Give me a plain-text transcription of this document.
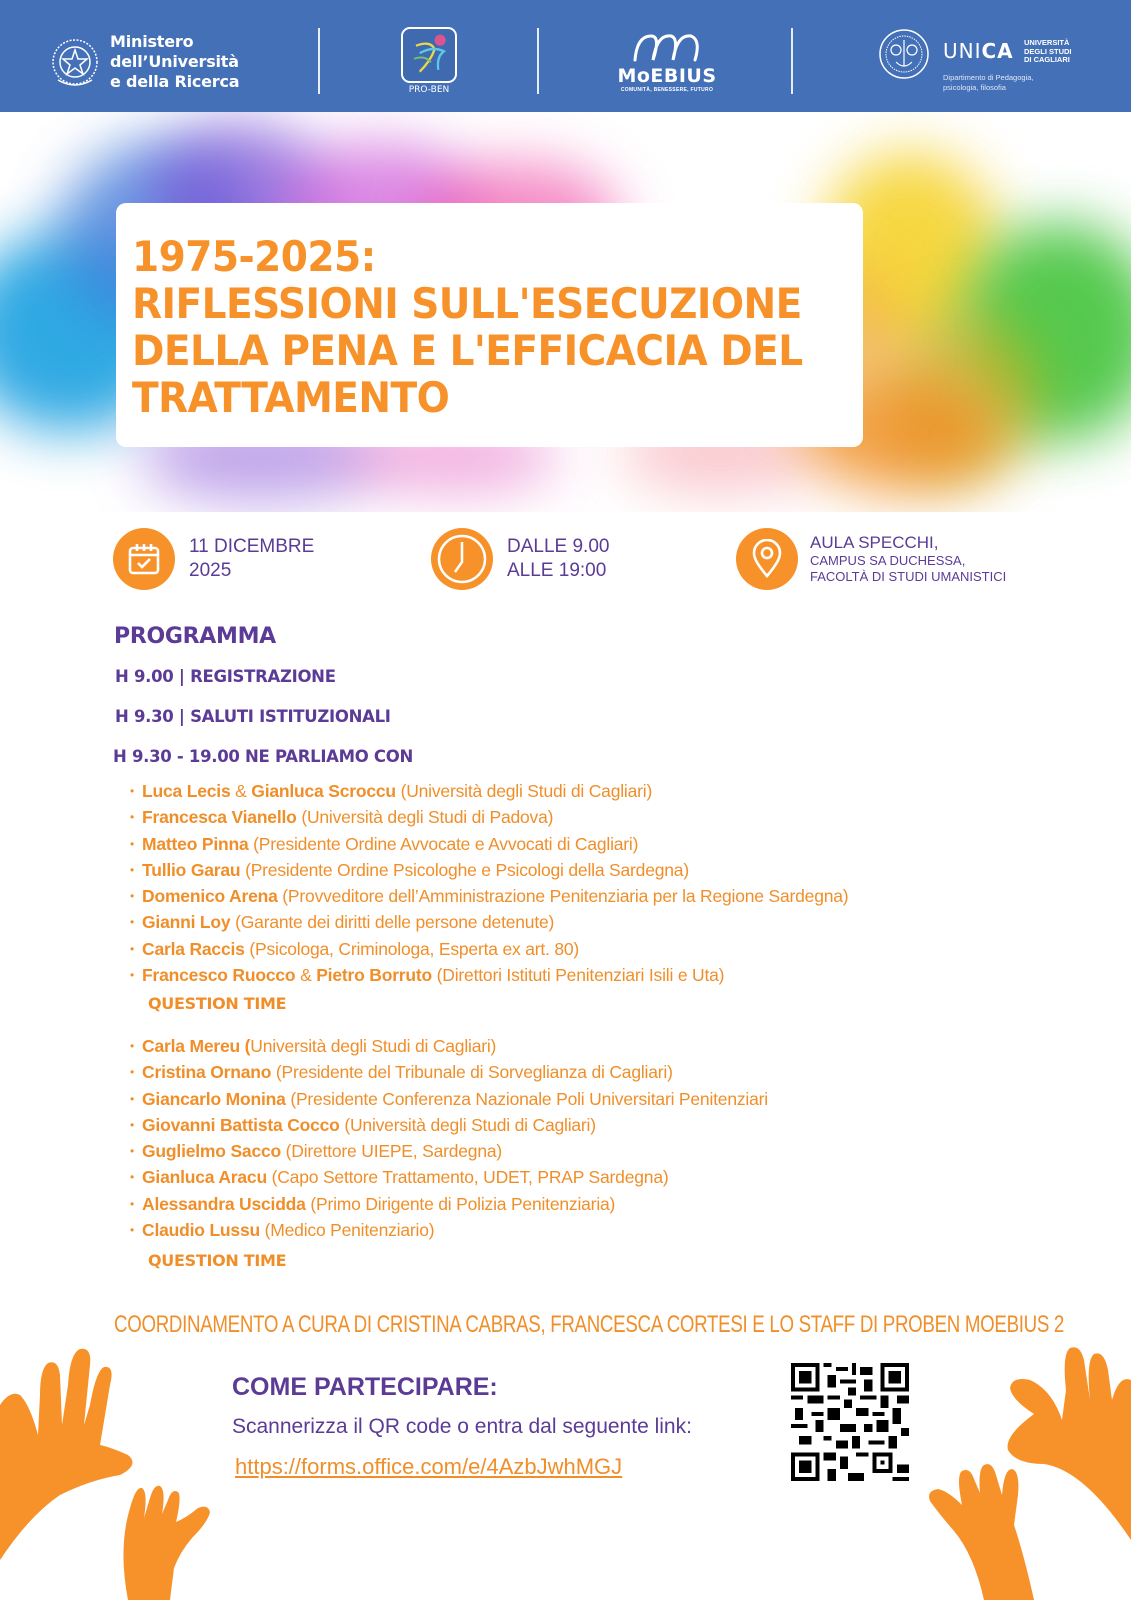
Ministero
dell’Università
e della Ricerca	PRO-BEN
MoEBIUS
COMUNITÀ, BENESSERE, FUTURO
UNICA UNIVERSITÀ
DEGLI STUDI
DI CAGLIARI
Dipartimento di Pedagogia,
psicologia, filosofia
1975-2025:
RIFLESSIONI SULL'ESECUZIONE
DELLA PENA E L'EFFICACIA DEL
TRATTAMENTO
11 DICEMBRE
2025
DALLE 9.00
ALLE 19:00
AULA SPECCHI,
CAMPUS SA DUCHESSA,
FACOLTÀ DI STUDI UMANISTICI
PROGRAMMA
H 9.00 | REGISTRAZIONE
H 9.30 | SALUTI ISTITUZIONALI
H 9.30 - 19.00 NE PARLIAMO CON
• Luca Lecis & Gianluca Scroccu (Università degli Studi di Cagliari)
• Francesca Vianello (Università degli Studi di Padova)
• Matteo Pinna (Presidente Ordine Avvocate e Avvocati di Cagliari)
• Tullio Garau (Presidente Ordine Psicologhe e Psicologi della Sardegna)
• Domenico Arena (Provveditore dell’Amministrazione Penitenziaria per la Regione Sardegna)
• Gianni Loy (Garante dei diritti delle persone detenute)
• Carla Raccis (Psicologa, Criminologa, Esperta ex art. 80)
• Francesco Ruocco & Pietro Borruto (Direttori Istituti Penitenziari Isili e Uta)
QUESTION TIME
• Carla Mereu (Università degli Studi di Cagliari)
• Cristina Ornano (Presidente del Tribunale di Sorveglianza di Cagliari)
• Giancarlo Monina (Presidente Conferenza Nazionale Poli Universitari Penitenziari
• Giovanni Battista Cocco (Università degli Studi di Cagliari)
• Guglielmo Sacco (Direttore UIEPE, Sardegna)
• Gianluca Aracu (Capo Settore Trattamento, UDET, PRAP Sardegna)
• Alessandra Uscidda (Primo Dirigente di Polizia Penitenziaria)
• Claudio Lussu (Medico Penitenziario)
QUESTION TIME
COORDINAMENTO A CURA DI CRISTINA CABRAS, FRANCESCA CORTESI E LO STAFF DI PROBEN MOEBIUS 2
COME PARTECIPARE:
Scannerizza il QR code o entra dal seguente link:
https://forms.office.com/e/4AzbJwhMGJ
